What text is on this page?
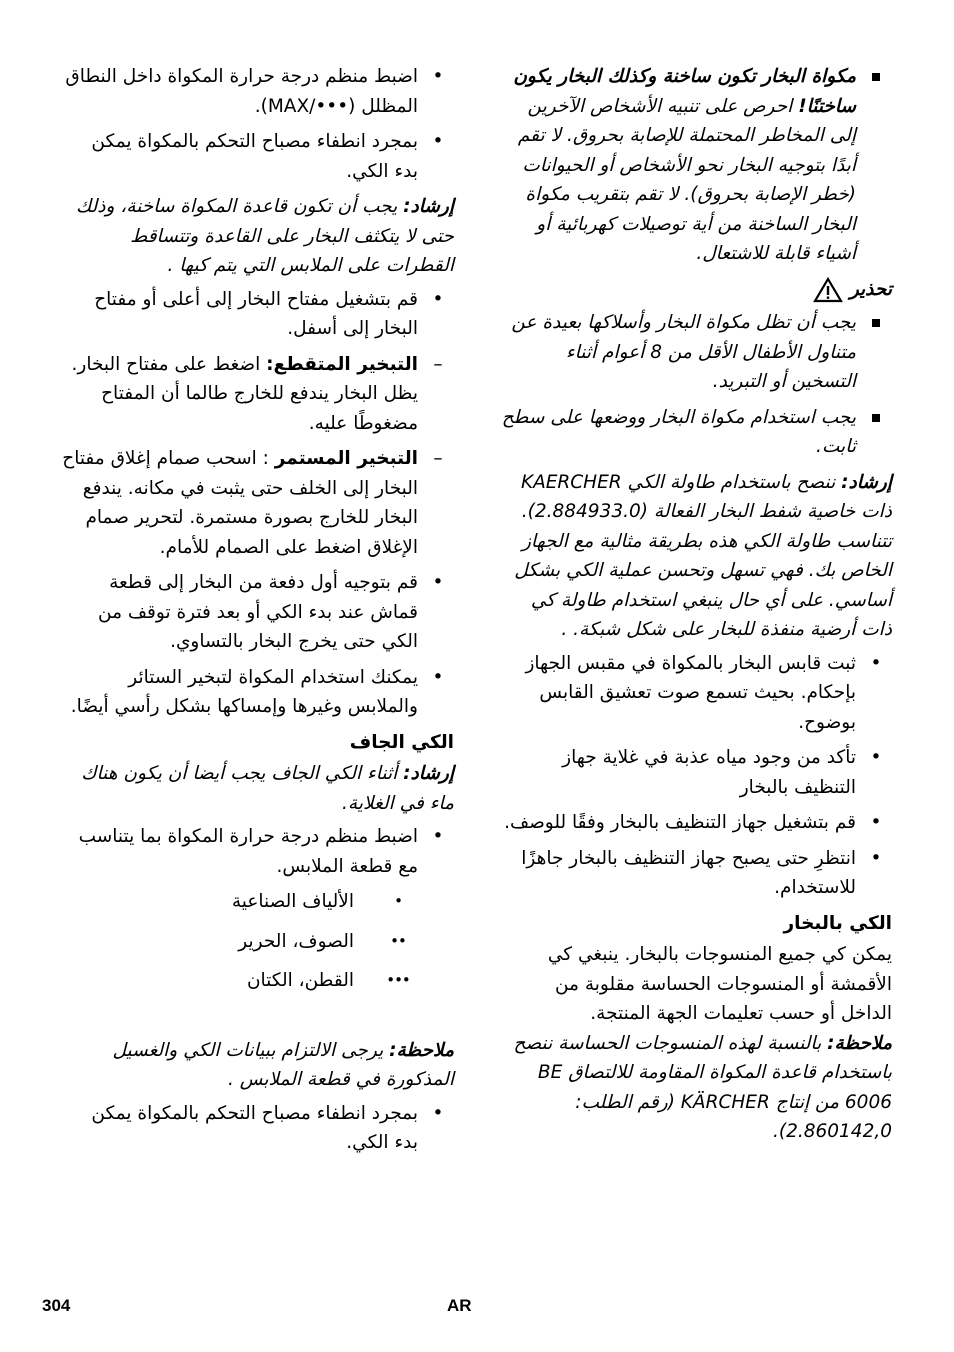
مكواة البخار تكون ساخنة وكذلك البخار يكون ساختنًا! احرص على تنبيه الأشخاص الآخرين إلى المخاطر المحتملة للإصابة بحروق. لا تقم أبدًا بتوجيه البخار نحو الأشخاص أو الحيوانات (خطر الإصابة بحروق). لا تقم بتقريب مكواة البخار الساخنة من أية توصيلات كهربائية أو أشياء قابلة للاشتعال.
تحذير
يجب أن تظل مكواة البخار وأسلاكها بعيدة عن متناول الأطفال الأقل من 8 أعوام أثناء التسخين أو التبريد.
يجب استخدام مكواة البخار ووضعها على سطح ثابت.

إرشاد: ننصح باستخدام طاولة الكي KAERCHER ذات خاصية شفط البخار الفعالة (2.884933.0). تتناسب طاولة الكي هذه بطريقة مثالية مع الجهاز الخاص بك. فهي تسهل وتحسن عملية الكي بشكل أساسي. على أي حال ينبغي استخدام طاولة كي ذات أرضية منفذة للبخار على شكل شبكة. .

•
ثبت قابس البخار بالمكواة في مقبس الجهاز بإحكام. بحيث تسمع صوت تعشيق القابس بوضوح.
•
تأكد من وجود مياه عذبة في غلاية جهاز التنظيف بالبخار
•
قم بتشغيل جهاز التنظيف بالبخار وفقًا للوصف.
•
انتظرِ حتى يصبح جهاز التنظيف بالبخار جاهزًا للاستخدام.

الكي بالبخار

يمكن كي جميع المنسوجات بالبخار. ينبغي كي الأقمشة أو المنسوجات الحساسة مقلوبة من الداخل أو حسب تعليمات الجهة المنتجة.

ملاحظة: بالنسبة لهذه المنسوجات الحساسة ننصح باستخدام قاعدة المكواة المقاومة للالتصاق BE 6006 من إنتاج KÄRCHER (رقم الطلب: 2.860142,0).

•
اضبط منظم درجة حرارة المكواة داخل النطاق المظلل (•••/MAX).
•
بمجرد انطفاء مصباح التحكم بالمكواة يمكن بدء الكي.

إرشاد: يجب أن تكون قاعدة المكواة ساخنة، وذلك حتى لا يتكثف البخار على القاعدة وتتساقط القطرات على الملابس التي يتم كيها .

•
قم بتشغيل مفتاح البخار إلى أعلى أو مفتاح البخار إلى أسفل.
–
التبخير المتقطع: اضغط على مفتاح البخار. يظل البخار يندفع للخارج طالما أن المفتاح مضغوطًا عليه.
–
التبخير المستمر : اسحب صمام إغلاق مفتاح البخار إلى الخلف حتى يثبت في مكانه. يندفع البخار للخارج بصورة مستمرة. لتحرير صمام الإغلاق اضغط على الصمام للأمام.
•
قم بتوجيه أول دفعة من البخار إلى قطعة قماش عند بدء الكي أو بعد فترة توقف من الكي حتى يخرج البخار بالتساوي.
•
يمكنك استخدام المكواة لتبخير الستائر والملابس وغيرها وإمساكها بشكل رأسي أيضًا.

الكي الجاف

إرشاد: أثناء الكي الجاف يجب أيضا أن يكون هناك ماء في الغلاية.

•
اضبط منظم درجة حرارة المكواة بما يتناسب مع قطعة الملابس.
•
الألياف الصناعية
••
الصوف، الحرير
•••
القطن، الكتان

ملاحظة: يرجى الالتزام ببيانات الكي والغسيل المذكورة في قطعة الملابس .

•
بمجرد انطفاء مصباح التحكم بالمكواة يمكن بدء الكي.
304	AR
